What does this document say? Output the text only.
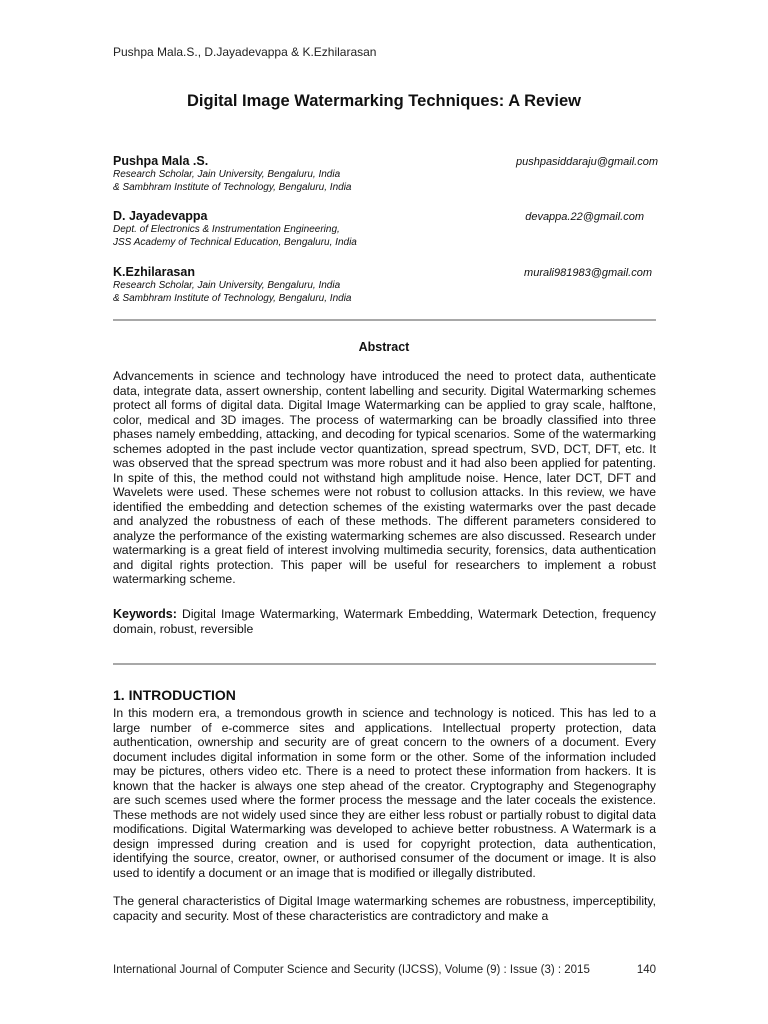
Pushpa Mala.S., D.Jayadevappa & K.Ezhilarasan
Digital Image Watermarking Techniques: A Review
Pushpa Mala .S.	pushpasiddaraju@gmail.com
Research Scholar, Jain University, Bengaluru, India
& Sambhram Institute of Technology, Bengaluru, India
D. Jayadevappa	devappa.22@gmail.com
Dept. of Electronics & Instrumentation Engineering,
JSS Academy of Technical Education, Bengaluru, India
K.Ezhilarasan	murali981983@gmail.com
Research Scholar, Jain University, Bengaluru, India
& Sambhram Institute of Technology, Bengaluru, India
Abstract
Advancements in science and technology have introduced the need to protect data, authenticate data, integrate data, assert ownership, content labelling and security. Digital Watermarking schemes protect all forms of digital data. Digital Image Watermarking can be applied to gray scale, halftone, color, medical and 3D images. The process of watermarking can be broadly classified into three phases namely embedding, attacking, and decoding for typical scenarios. Some of the watermarking schemes adopted in the past include vector quantization, spread spectrum, SVD, DCT, DFT, etc. It was observed that the spread spectrum was more robust and it had also been applied for patenting. In spite of this, the method could not withstand high amplitude noise. Hence, later DCT, DFT and Wavelets were used. These schemes were not robust to collusion attacks. In this review, we have identified the embedding and detection schemes of the existing watermarks over the past decade and analyzed the robustness of each of these methods. The different parameters considered to analyze the performance of the existing watermarking schemes are also discussed. Research under watermarking is a great field of interest involving multimedia security, forensics, data authentication and digital rights protection. This paper will be useful for researchers to implement a robust watermarking scheme.
Keywords: Digital Image Watermarking, Watermark Embedding, Watermark Detection, frequency domain, robust, reversible
1. INTRODUCTION

In this modern era, a tremondous growth in science and technology is noticed. This has led to a large number of e-commerce sites and applications. Intellectual property protection, data authentication, ownership and security are of great concern to the owners of a document. Every document includes digital information in some form or the other. Some of the information included may be pictures, others video etc. There is a need to protect these information from hackers. It is known that the hacker is always one step ahead of the creator. Cryptography and Stegenography are such scemes used where the former process the message and the later coceals the existence. These methods are not widely used since they are either less robust or partially robust to digital data modifications. Digital Watermarking was developed to achieve better robustness. A Watermark is a design impressed during creation and is used for copyright protection, data authentication, identifying the source, creator, owner, or authorised consumer of the document or image. It is also used to identify a document or an image that is modified or illegally distributed.

The general characteristics of Digital Image watermarking schemes are robustness, imperceptibility, capacity and security. Most of these characteristics are contradictory and make a

International Journal of Computer Science and Security (IJCSS), Volume (9) : Issue (3) : 2015	140
